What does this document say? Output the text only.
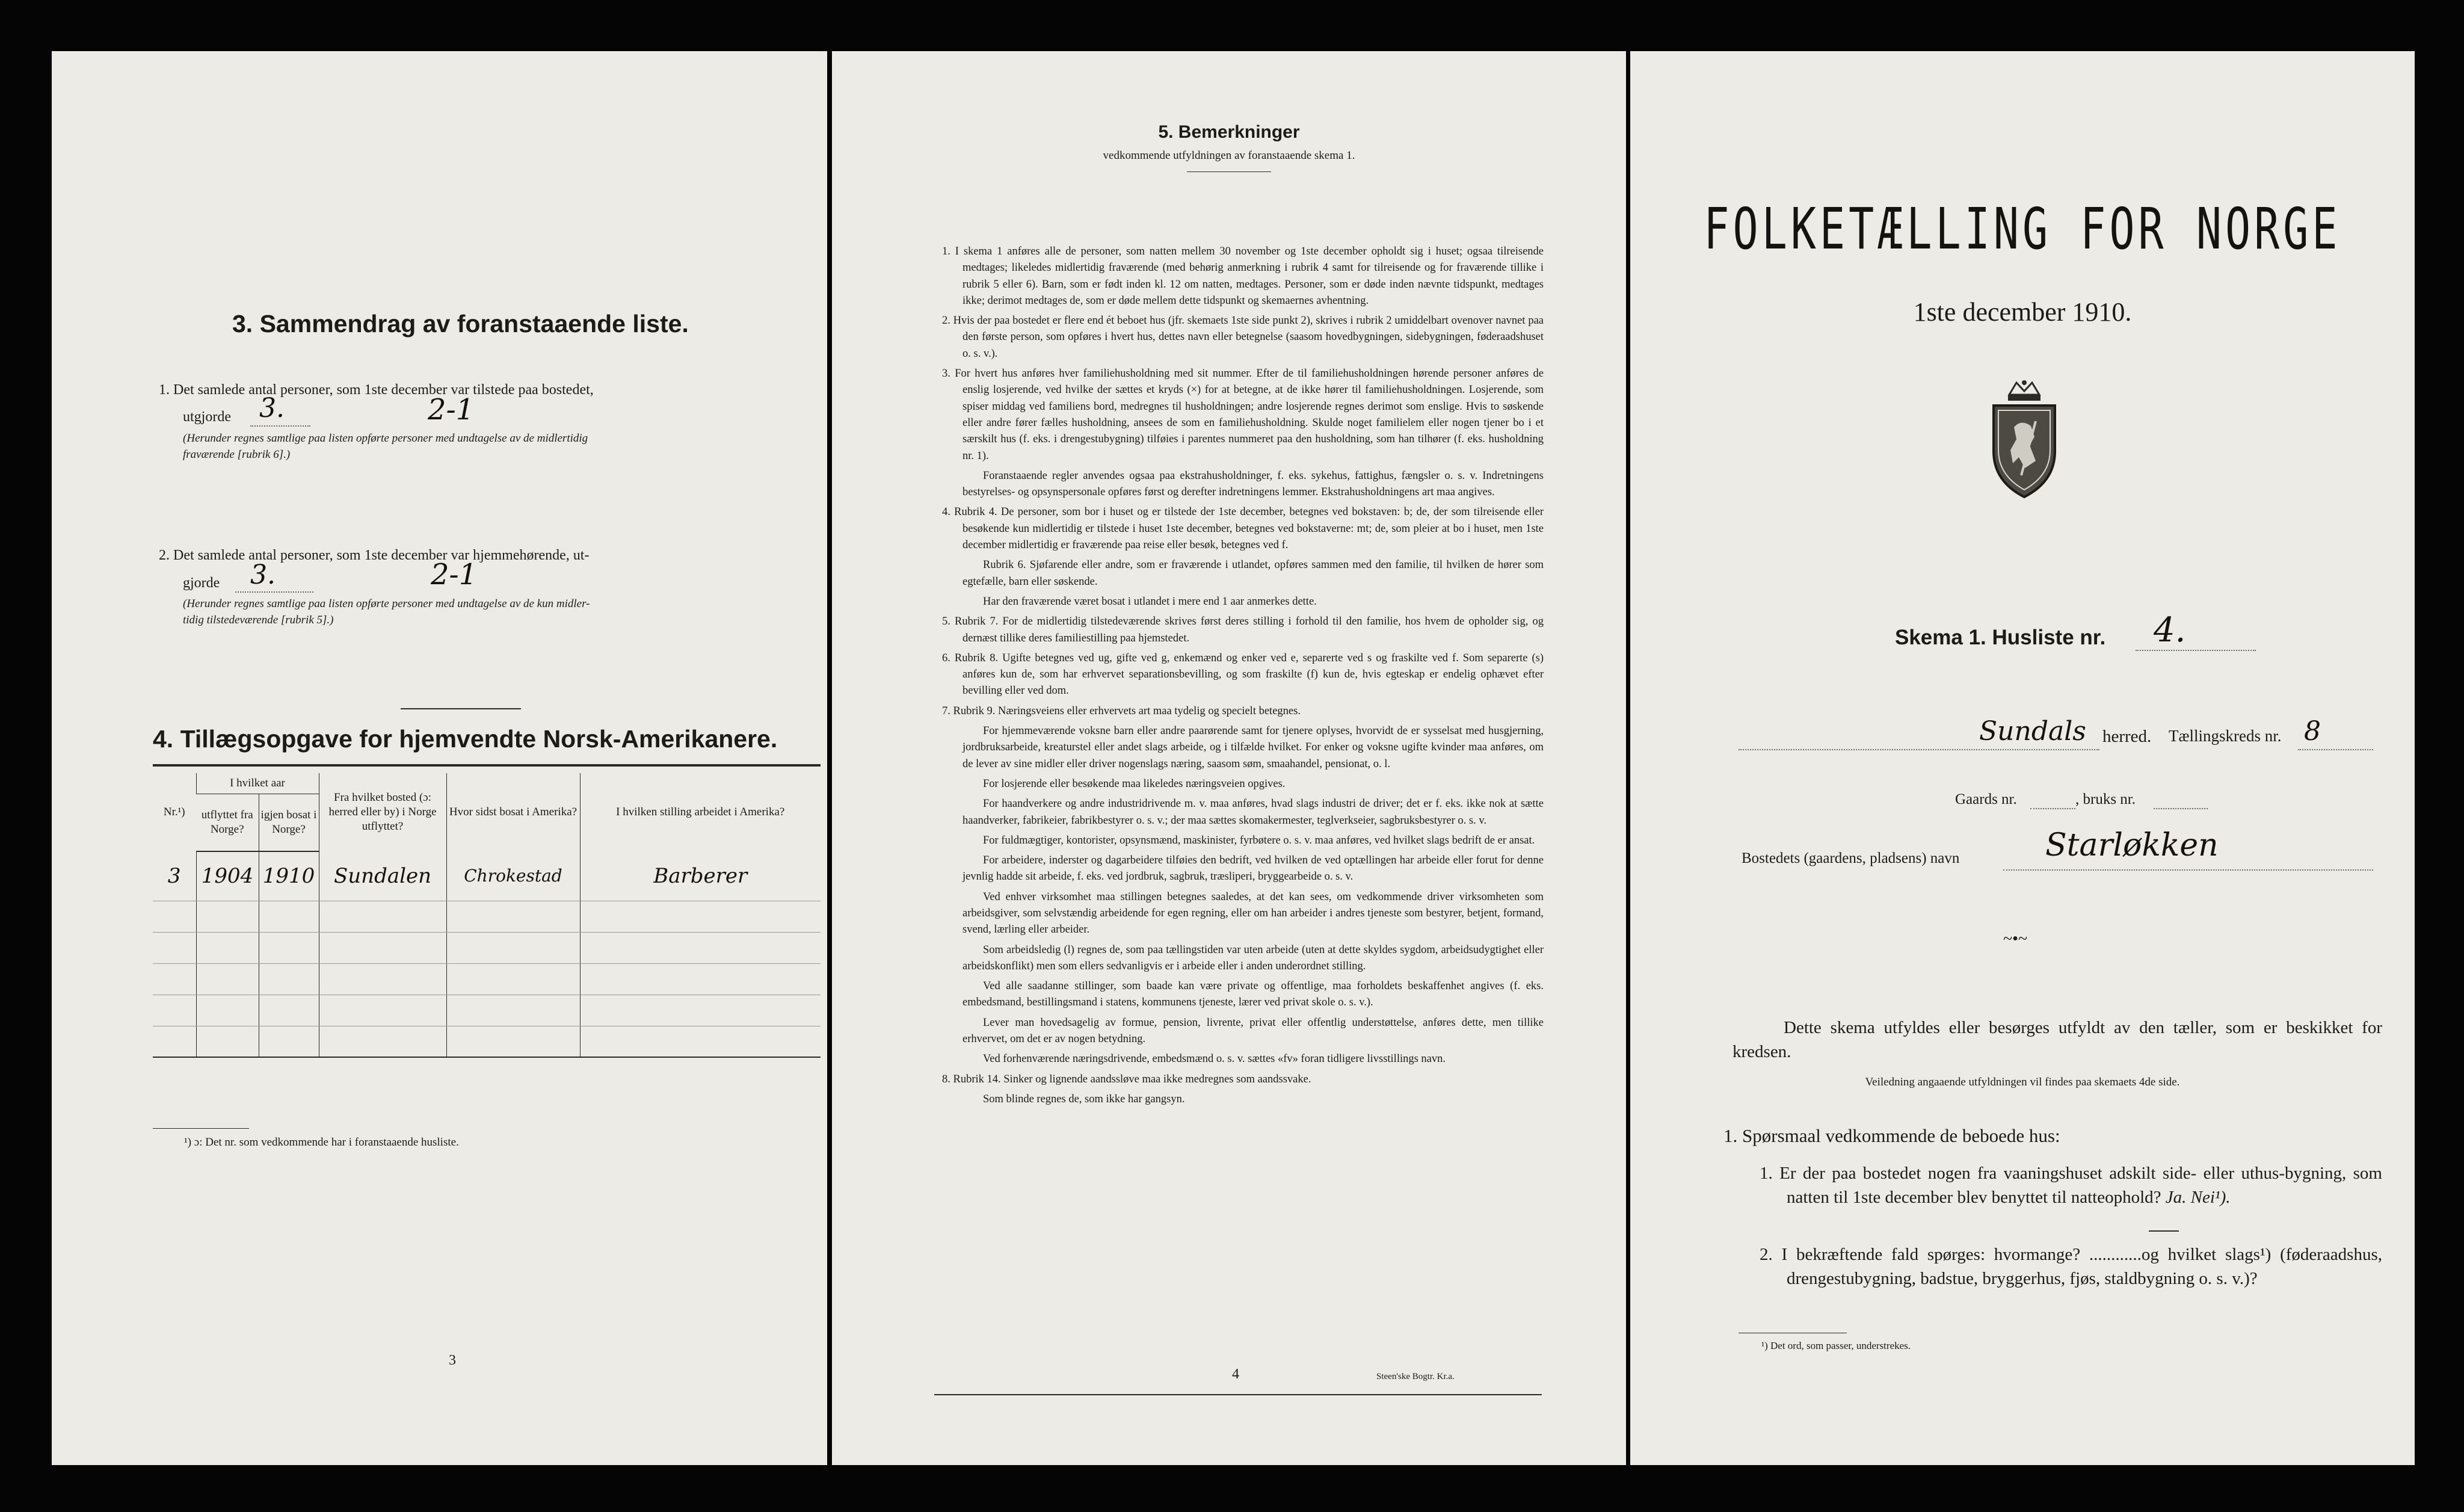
3. Sammendrag av foranstaaende liste.
1. Det samlede antal personer, som 1ste december var tilstede paa bostedet,
utgjorde 3.	2-1
(Herunder regnes samtlige paa listen opførte personer med undtagelse av de midlertidig
fraværende [rubrik 6].)
2. Det samlede antal personer, som 1ste december var hjemmehørende, ut-
gjorde 3.	2-1
(Herunder regnes samtlige paa listen opførte personer med undtagelse av de kun midler-
tidig tilstedeværende [rubrik 5].)
4. Tillægsopgave for hjemvendte Norsk-Amerikanere.
Nr.¹)	I hvilket aar		Fra hvilket bosted (ɔ: herred eller by) i Norge utflyttet?	Hvor sidst bosat i Amerika?	I hvilken stilling arbeidet i Amerika?
	utflyttet fra Norge?	igjen bosat i Norge?			
3	1904	1910	Sundalen	Chrokestad	Barberer

¹) ɔ: Det nr. som vedkommende har i foranstaaende husliste.
3
5. Bemerkninger
vedkommende utfyldningen av foranstaaende skema 1.

1. I skema 1 anføres alle de personer, som natten mellem 30 november og 1ste december opholdt sig i huset; ogsaa tilreisende medtages; likeledes midlertidig fraværende (med behørig anmerkning i rubrik 4 samt for tilreisende og for fraværende tillike i rubrik 5 eller 6). Barn, som er født inden kl. 12 om natten, medtages. Personer, som er døde inden nævnte tidspunkt, medtages ikke; derimot medtages de, som er døde mellem dette tidspunkt og skemaernes avhentning.

2. Hvis der paa bostedet er flere end ét beboet hus (jfr. skemaets 1ste side punkt 2), skrives i rubrik 2 umiddelbart ovenover navnet paa den første person, som opføres i hvert hus, dettes navn eller betegnelse (saasom hovedbygningen, sidebygningen, føderaadshuset o. s. v.).

3. For hvert hus anføres hver familiehusholdning med sit nummer. Efter de til familiehusholdningen hørende personer anføres de enslig losjerende, ved hvilke der sættes et kryds (×) for at betegne, at de ikke hører til familiehusholdningen. Losjerende, som spiser middag ved familiens bord, medregnes til husholdningen; andre losjerende regnes derimot som enslige. Hvis to søskende eller andre fører fælles husholdning, ansees de som en familiehusholdning. Skulde noget familielem eller nogen tjener bo i et særskilt hus (f. eks. i drengestubygning) tilføies i parentes nummeret paa den husholdning, som han tilhører (f. eks. husholdning nr. 1).

Foranstaaende regler anvendes ogsaa paa ekstrahusholdninger, f. eks. sykehus, fattighus, fængsler o. s. v. Indretningens bestyrelses- og opsynspersonale opføres først og derefter indretningens lemmer. Ekstrahusholdningens art maa angives.

4. Rubrik 4. De personer, som bor i huset og er tilstede der 1ste december, betegnes ved bokstaven: b; de, der som tilreisende eller besøkende kun midlertidig er tilstede i huset 1ste december, betegnes ved bokstaverne: mt; de, som pleier at bo i huset, men 1ste december midlertidig er fraværende paa reise eller besøk, betegnes ved f.

Rubrik 6. Sjøfarende eller andre, som er fraværende i utlandet, opføres sammen med den familie, til hvilken de hører som egtefælle, barn eller søskende.

Har den fraværende været bosat i utlandet i mere end 1 aar anmerkes dette.

5. Rubrik 7. For de midlertidig tilstedeværende skrives først deres stilling i forhold til den familie, hos hvem de opholder sig, og dernæst tillike deres familiestilling paa hjemstedet.

6. Rubrik 8. Ugifte betegnes ved ug, gifte ved g, enkemænd og enker ved e, separerte ved s og fraskilte ved f. Som separerte (s) anføres kun de, som har erhvervet separationsbevilling, og som fraskilte (f) kun de, hvis egteskap er endelig ophævet efter bevilling eller ved dom.

7. Rubrik 9. Næringsveiens eller erhvervets art maa tydelig og specielt betegnes.

For hjemmeværende voksne barn eller andre paarørende samt for tjenere oplyses, hvorvidt de er sysselsat med husgjerning, jordbruksarbeide, kreaturstel eller andet slags arbeide, og i tilfælde hvilket. For enker og voksne ugifte kvinder maa anføres, om de lever av sine midler eller driver nogenslags næring, saasom søm, smaahandel, pensionat, o. l.

For losjerende eller besøkende maa likeledes næringsveien opgives.

For haandverkere og andre industridrivende m. v. maa anføres, hvad slags industri de driver; det er f. eks. ikke nok at sætte haandverker, fabrikeier, fabrikbestyrer o. s. v.; der maa sættes skomakermester, teglverkseier, sagbruksbestyrer o. s. v.

For fuldmægtiger, kontorister, opsynsmænd, maskinister, fyrbøtere o. s. v. maa anføres, ved hvilket slags bedrift de er ansat.

For arbeidere, inderster og dagarbeidere tilføies den bedrift, ved hvilken de ved optællingen har arbeide eller forut for denne jevnlig hadde sit arbeide, f. eks. ved jordbruk, sagbruk, træsliperi, bryggearbeide o. s. v.

Ved enhver virksomhet maa stillingen betegnes saaledes, at det kan sees, om vedkommende driver virksomheten som arbeidsgiver, som selvstændig arbeidende for egen regning, eller om han arbeider i andres tjeneste som bestyrer, betjent, formand, svend, lærling eller arbeider.

Som arbeidsledig (l) regnes de, som paa tællingstiden var uten arbeide (uten at dette skyldes sygdom, arbeidsudygtighet eller arbeidskonflikt) men som ellers sedvanligvis er i arbeide eller i anden underordnet stilling.

Ved alle saadanne stillinger, som baade kan være private og offentlige, maa forholdets beskaffenhet angives (f. eks. embedsmand, bestillingsmand i statens, kommunens tjeneste, lærer ved privat skole o. s. v.).

Lever man hovedsagelig av formue, pension, livrente, privat eller offentlig understøttelse, anføres dette, men tillike erhvervet, om det er av nogen betydning.

Ved forhenværende næringsdrivende, embedsmænd o. s. v. sættes «fv» foran tidligere livsstillings navn.

8. Rubrik 14. Sinker og lignende aandssløve maa ikke medregnes som aandssvake.

Som blinde regnes de, som ikke har gangsyn.

4	Steen'ske Bogtr. Kr.a.
FOLKETÆLLING FOR NORGE
1ste december 1910.
Skema 1. Husliste nr. 4.
Sundals herred. Tællingskreds nr. 8
Gaards nr.	, bruks nr.
Bostedets (gaardens, pladsens) navn	Starløkken
~•~
Dette skema utfyldes eller besørges utfyldt av den tæller, som er beskikket for kredsen.
Veiledning angaaende utfyldningen vil findes paa skemaets 4de side.
1. Spørsmaal vedkommende de beboede hus:
1. Er der paa bostedet nogen fra vaaningshuset adskilt side- eller uthus-bygning, som natten til 1ste december blev benyttet til natteophold? Ja. Nei¹).
2. I bekræftende fald spørges: hvormange? ............og hvilket slags¹) (føderaadshus, drengestubygning, badstue, bryggerhus, fjøs, staldbygning o. s. v.)?
¹) Det ord, som passer, understrekes.
